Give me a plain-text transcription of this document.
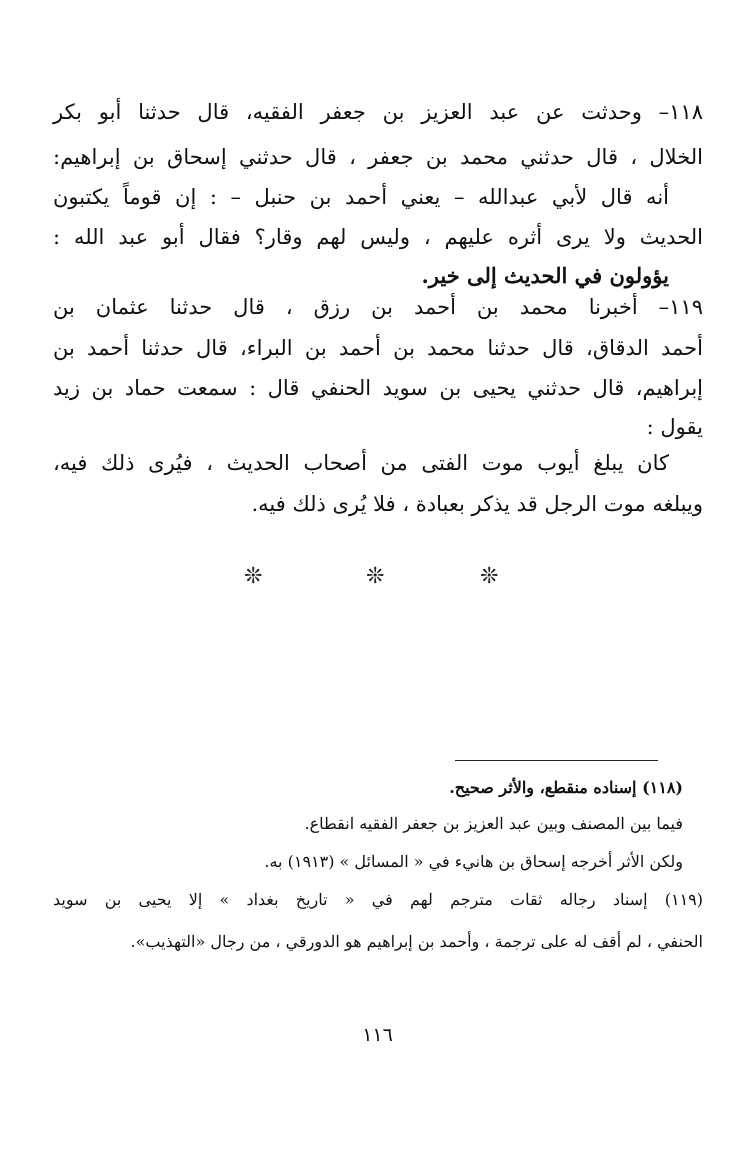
١١٨– وحدثت عن عبد العزيز بن جعفر الفقيه، قال حدثنا أبو بكر
الخلال ، قال حدثني محمد بن جعفر ، قال حدثني إسحاق بن إبراهيم:
أنه قال لأبي عبدالله – يعني أحمد بن حنبل – : إن قوماً يكتبون
الحديث ولا يرى أثره عليهم ، وليس لهم وقار؟ فقال أبو عبد الله :
يؤولون في الحديث إلى خير.
١١٩– أخبرنا محمد بن أحمد بن رزق ، قال حدثنا عثمان بن
أحمد الدقاق، قال حدثنا محمد بن أحمد بن البراء، قال حدثنا أحمد بن
إبراهيم، قال حدثني يحيى بن سويد الحنفي قال : سمعت حماد بن زيد
يقول :
كان يبلغ أيوب موت الفتى من أصحاب الحديث ، فيُرى ذلك فيه،
ويبلغه موت الرجل قد يذكر بعبادة ، فلا يُرى ذلك فيه.
❊	❊	❊
(١١٨) إسناده منقطع، والأثر صحيح.
فيما بين المصنف وبين عبد العزيز بن جعفر الفقيه انقطاع.
ولكن الأثر أخرجه إسحاق بن هانيء في « المسائل » (١٩١٣) به.
(١١٩) إسناد رجاله ثقات مترجم لهم في « تاريخ بغداد » إلا يحيى بن سويد
الحنفي ، لم أقف له على ترجمة ، وأحمد بن إبراهيم هو الدورقي ، من رجال «التهذيب».
١١٦
